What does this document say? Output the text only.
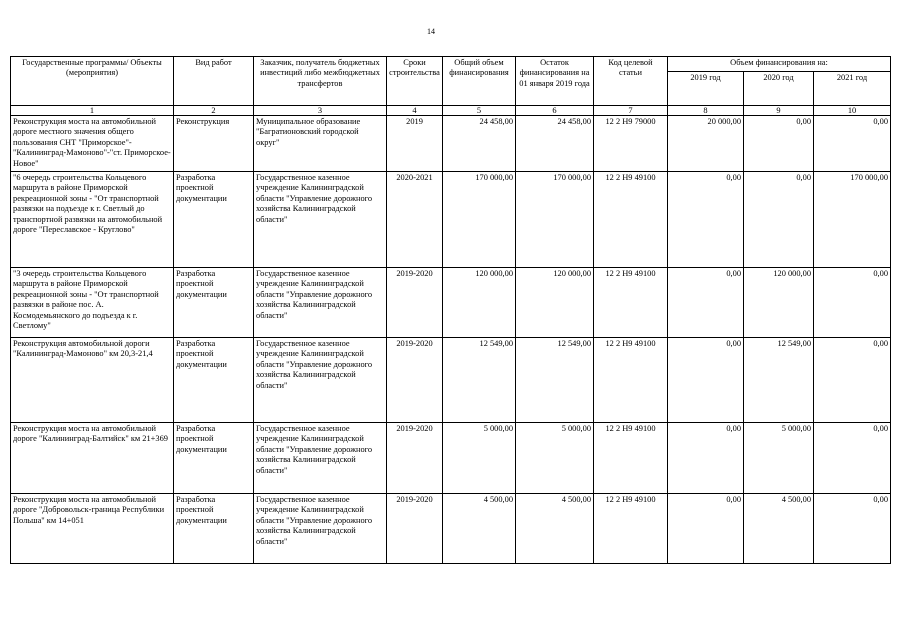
14
Государственные программы/ Объекты (мероприятия)	Вид работ	Заказчик, получатель бюджетных инвестиций либо межбюджетных трансфертов	Сроки строительства	Общий объем финансирования	Остаток финансирования на 01 января 2019 года	Код целевой статьи	Объем финансирования на:		
							2019 год	2020 год	2021 год
1	2	3	4	5	6	7	8	9	10
Реконструкция моста на автомобильной дороге местного значения общего пользования СНТ "Приморское"-"Калининград-Мамоново"-"ст. Приморское-Новое"	Реконструкция	Муниципальное образование "Багратионовский городской округ"	2019	24 458,00	24 458,00	12 2 Н9 79000	20 000,00	0,00	0,00
"6 очередь строительства Кольцевого маршрута в районе Приморской рекреационной зоны - "От транспортной развязки на подъезде к г. Светлый до транспортной развязки на автомобильной дороге "Переславское - Круглово"	Разработка проектной документации	Государственное казенное учреждение Калининградской области "Управление дорожного хозяйства Калининградской области"	2020-2021	170 000,00	170 000,00	12 2 Н9 49100	0,00	0,00	170 000,00
"3 очередь строительства Кольцевого маршрута в районе Приморской рекреационной зоны - "От транспортной развязки в районе пос. А. Космодемьянского до подъезда к г. Светлому"	Разработка проектной документации	Государственное казенное учреждение Калининградской области "Управление дорожного хозяйства Калининградской области"	2019-2020	120 000,00	120 000,00	12 2 Н9 49100	0,00	120 000,00	0,00
Реконструкция автомобильной дороги "Калининград-Мамоново" км 20,3-21,4	Разработка проектной документации	Государственное казенное учреждение Калининградской области "Управление дорожного хозяйства Калининградской области"	2019-2020	12 549,00	12 549,00	12 2 Н9 49100	0,00	12 549,00	0,00
Реконструкция моста на автомобильной дороге "Калининград-Балтийск" км 21+369	Разработка проектной документации	Государственное казенное учреждение Калининградской области "Управление дорожного хозяйства Калининградской области"	2019-2020	5 000,00	5 000,00	12 2 Н9 49100	0,00	5 000,00	0,00
Реконструкция моста на автомобильной дороге "Добровольск-граница Республики Польша" км 14+051	Разработка проектной документации	Государственное казенное учреждение Калининградской области "Управление дорожного хозяйства Калининградской области"	2019-2020	4 500,00	4 500,00	12 2 Н9 49100	0,00	4 500,00	0,00
